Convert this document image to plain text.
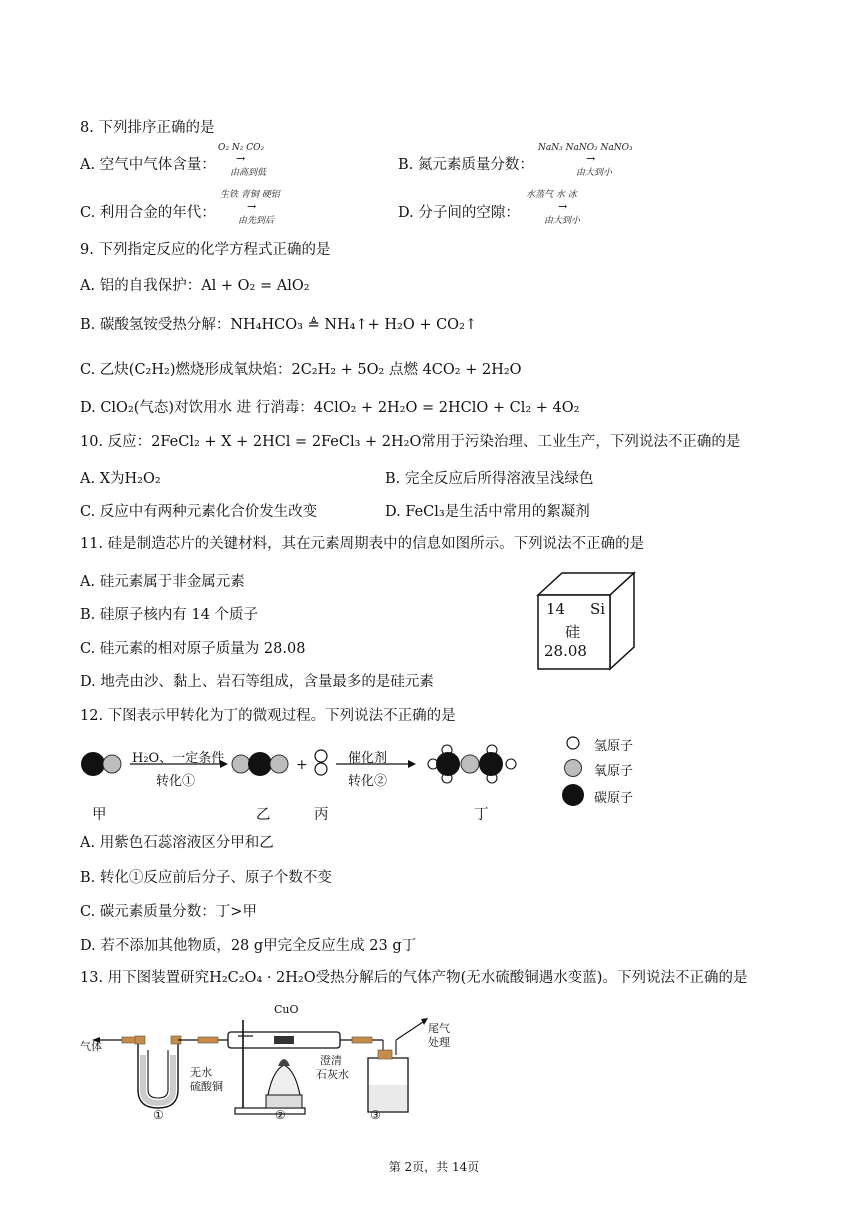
8. 下列排序正确的是
A. 空气中气体含量：
O₂ N₂ CO₂
→
由高到低	B. 氮元素质量分数：
NaN₃ NaNO₂ NaNO₃
→
由大到小
C. 利用合金的年代：
生铁 青铜 硬铝
→
由先到后	D. 分子间的空隙：
水蒸气 水 冰
→
由大到小
9. 下列指定反应的化学方程式正确的是
A. 铝的自我保护：Al + O₂ = AlO₂
B. 碳酸氢铵受热分解：NH₄HCO₃ ≜ NH₄↑+ H₂O + CO₂↑
C. 乙炔(C₂H₂)燃烧形成氧炔焰：2C₂H₂ + 5O₂ 点燃 4CO₂ + 2H₂O
D. ClO₂(气态)对饮用水 进 行消毒：4ClO₂ + 2H₂O = 2HClO + Cl₂ + 4O₂
10. 反应：2FeCl₂ + X + 2HCl = 2FeCl₃ + 2H₂O常用于污染治理、工业生产，下列说法不正确的是
A. X为H₂O₂	B. 完全反应后所得溶液呈浅绿色
C. 反应中有两种元素化合价发生改变	D. FeCl₃是生活中常用的絮凝剂
11. 硅是制造芯片的关键材料，其在元素周期表中的信息如图所示。下列说法不正确的是
A. 硅元素属于非金属元素
B. 硅原子核内有 14 个质子
C. 硅元素的相对原子质量为 28.08
D. 地壳由沙、黏上、岩石等组成，含量最多的是硅元素
14 Si
硅
28.08
12. 下图表示甲转化为丁的微观过程。下列说法不正确的是
H₂O、一定条件
转化①
+	催化剂
转化②
甲	乙	丙	丁
氢原子
氧原子
碳原子
A. 用紫色石蕊溶液区分甲和乙
B. 转化①反应前后分子、原子个数不变
C. 碳元素质量分数：丁>甲
D. 若不添加其他物质，28 g甲完全反应生成 23 g丁
13. 用下图装置研究H₂C₂O₄ · 2H₂O受热分解后的气体产物(无水硫酸铜遇水变蓝)。下列说法不正确的是
气体
CuO
无水
硫酸铜
澄清
石灰水
尾气
处理
①	②	③
第 2页，共 14页
